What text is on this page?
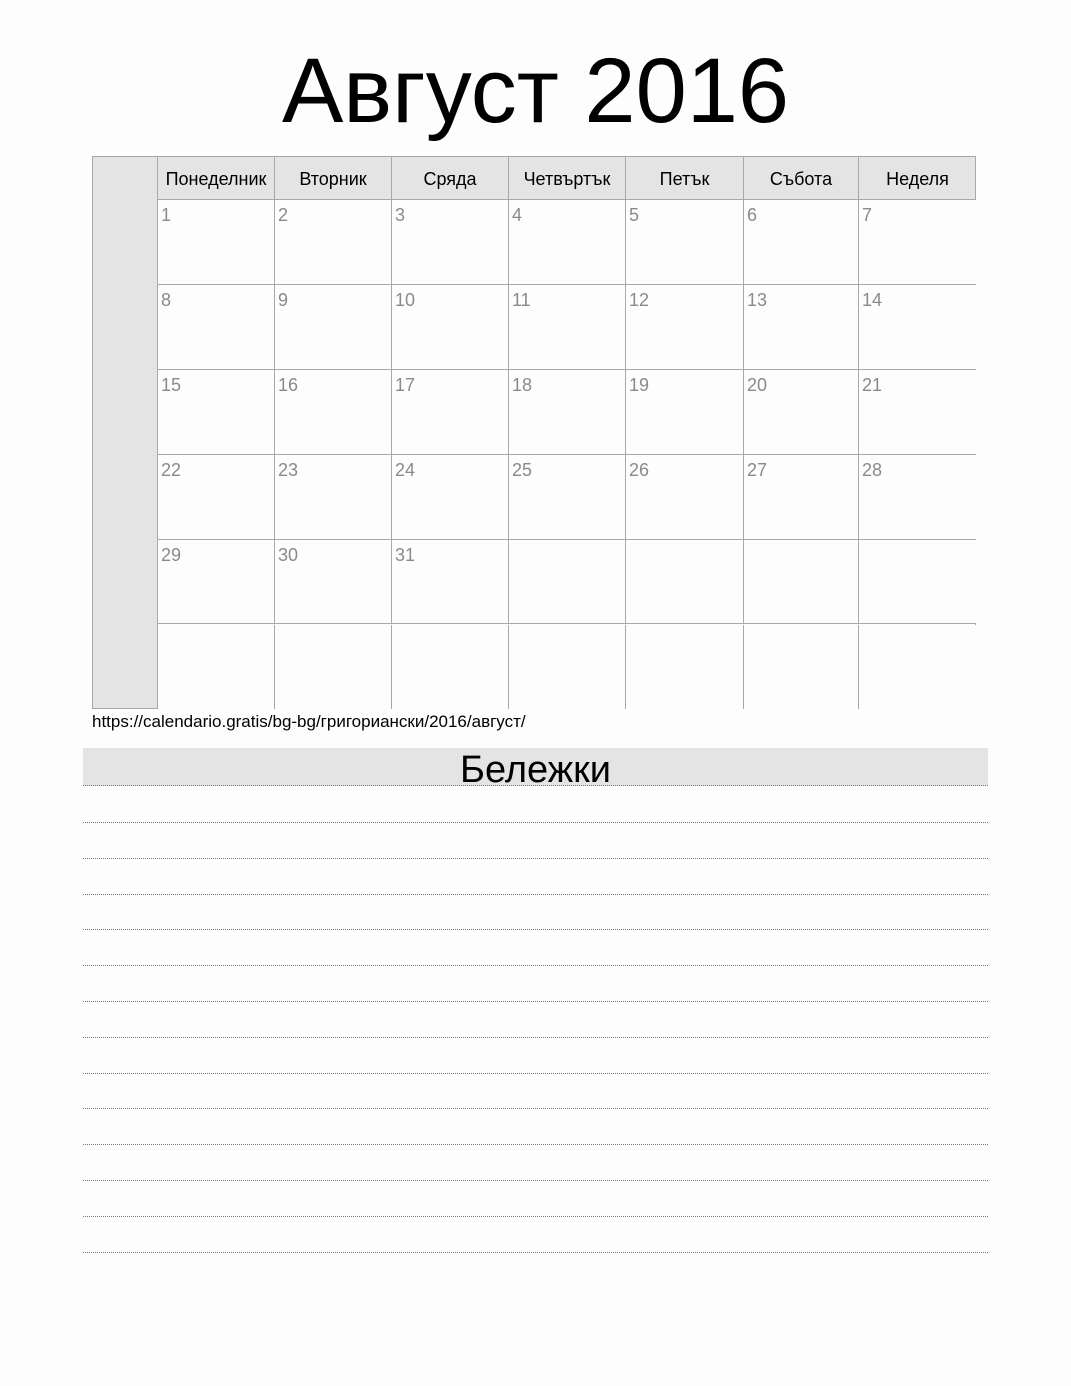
Август 2016
Понеделник	Вторник	Сряда	Четвъртък	Петък	Събота	Неделя
1	2	3	4	5	6	7
8	9	10	11	12	13	14
15	16	17	18	19	20	21
22	23	24	25	26	27	28
29	30	31
https://calendario.gratis/bg-bg/григориански/2016/август/
Бележки
